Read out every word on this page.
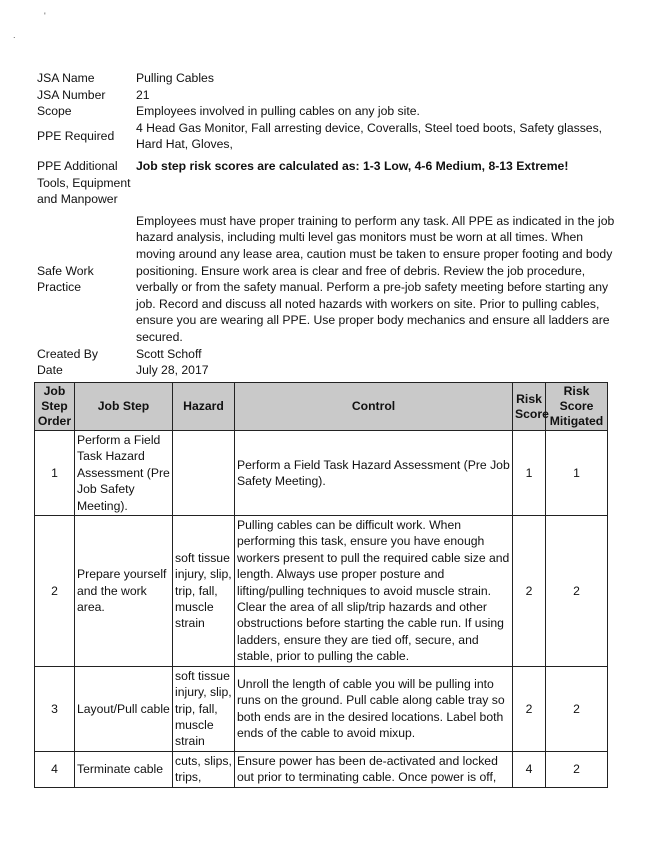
'
.
JSA Name	Pulling Cables
JSA Number	21
Scope	Employees involved in pulling cables on any job site.
PPE Required	4 Head Gas Monitor, Fall arresting device, Coveralls, Steel toed boots, Safety glasses, Hard Hat, Gloves,
PPE Additional	Job step risk scores are calculated as: 1-3 Low, 4-6 Medium, 8-13 Extreme!
Tools, Equipment and Manpower	
Safe Work Practice	Employees must have proper training to perform any task. All PPE as indicated in the job hazard analysis, including multi level gas monitors must be worn at all times. When moving around any lease area, caution must be taken to ensure proper footing and body positioning. Ensure work area is clear and free of debris. Review the job procedure, verbally or from the safety manual. Perform a pre-job safety meeting before starting any job. Record and discuss all noted hazards with workers on site. Prior to pulling cables, ensure you are wearing all PPE. Use proper body mechanics and ensure all ladders are secured.
Created By	Scott Schoff
Date	July 28, 2017
Job Step Order	Job Step	Hazard	Control	Risk Score	Risk Score Mitigated
1	Perform a Field Task Hazard Assessment (Pre Job Safety Meeting).		Perform a Field Task Hazard Assessment (Pre Job Safety Meeting).	1	1
2	Prepare yourself and the work area.	soft tissue injury, slip, trip, fall, muscle strain	Pulling cables can be difficult work. When performing this task, ensure you have enough workers present to pull the required cable size and length. Always use proper posture and lifting/pulling techniques to avoid muscle strain. Clear the area of all slip/trip hazards and other obstructions before starting the cable run. If using ladders, ensure they are tied off, secure, and stable, prior to pulling the cable.	2	2
3	Layout/Pull cable	soft tissue injury, slip, trip, fall, muscle strain	Unroll the length of cable you will be pulling into runs on the ground. Pull cable along cable tray so both ends are in the desired locations. Label both ends of the cable to avoid mixup.	2	2
4	Terminate cable	cuts, slips, trips,	Ensure power has been de-activated and locked out prior to terminating cable. Once power is off,	4	2
